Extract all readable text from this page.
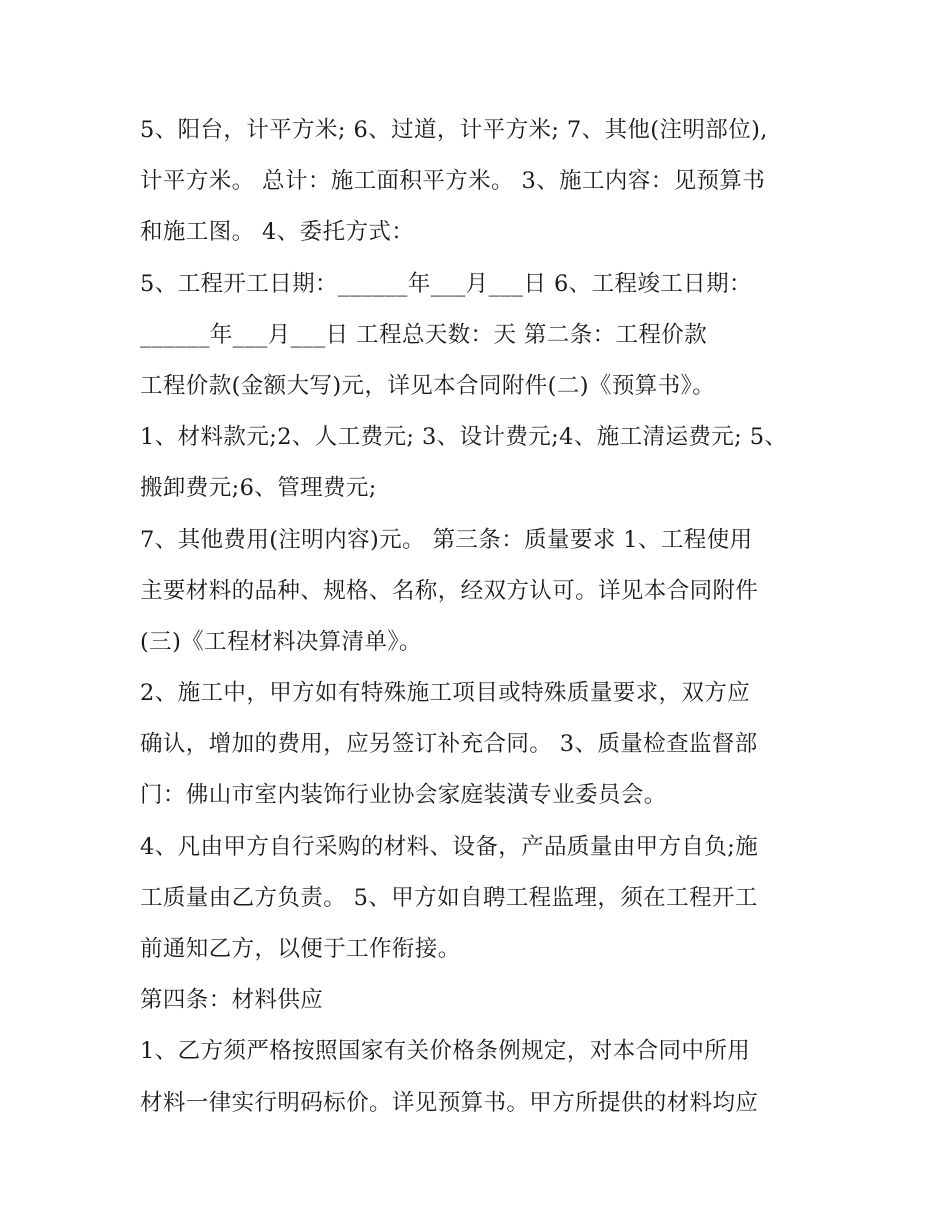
5、阳台，计平方米; 6、过道，计平方米; 7、其他(注明部位),
计平方米。 总计：施工面积平方米。 3、施工内容：见预算书
和施工图。 4、委托方式：
5、工程开工日期：______年___月___日 6、工程竣工日期：
______年___月___日 工程总天数：天 第二条：工程价款
工程价款(金额大写)元，详见本合同附件(二)《预算书》。
1、材料款元;2、人工费元; 3、设计费元;4、施工清运费元; 5、
搬卸费元;6、管理费元;
7、其他费用(注明内容)元。 第三条：质量要求 1、工程使用
主要材料的品种、规格、名称，经双方认可。详见本合同附件
(三)《工程材料决算清单》。
2、施工中，甲方如有特殊施工项目或特殊质量要求，双方应
确认，增加的费用，应另签订补充合同。 3、质量检查监督部
门：佛山市室内装饰行业协会家庭装潢专业委员会。
4、凡由甲方自行采购的材料、设备，产品质量由甲方自负;施
工质量由乙方负责。 5、甲方如自聘工程监理，须在工程开工
前通知乙方，以便于工作衔接。
第四条：材料供应
1、乙方须严格按照国家有关价格条例规定，对本合同中所用
材料一律实行明码标价。详见预算书。甲方所提供的材料均应
